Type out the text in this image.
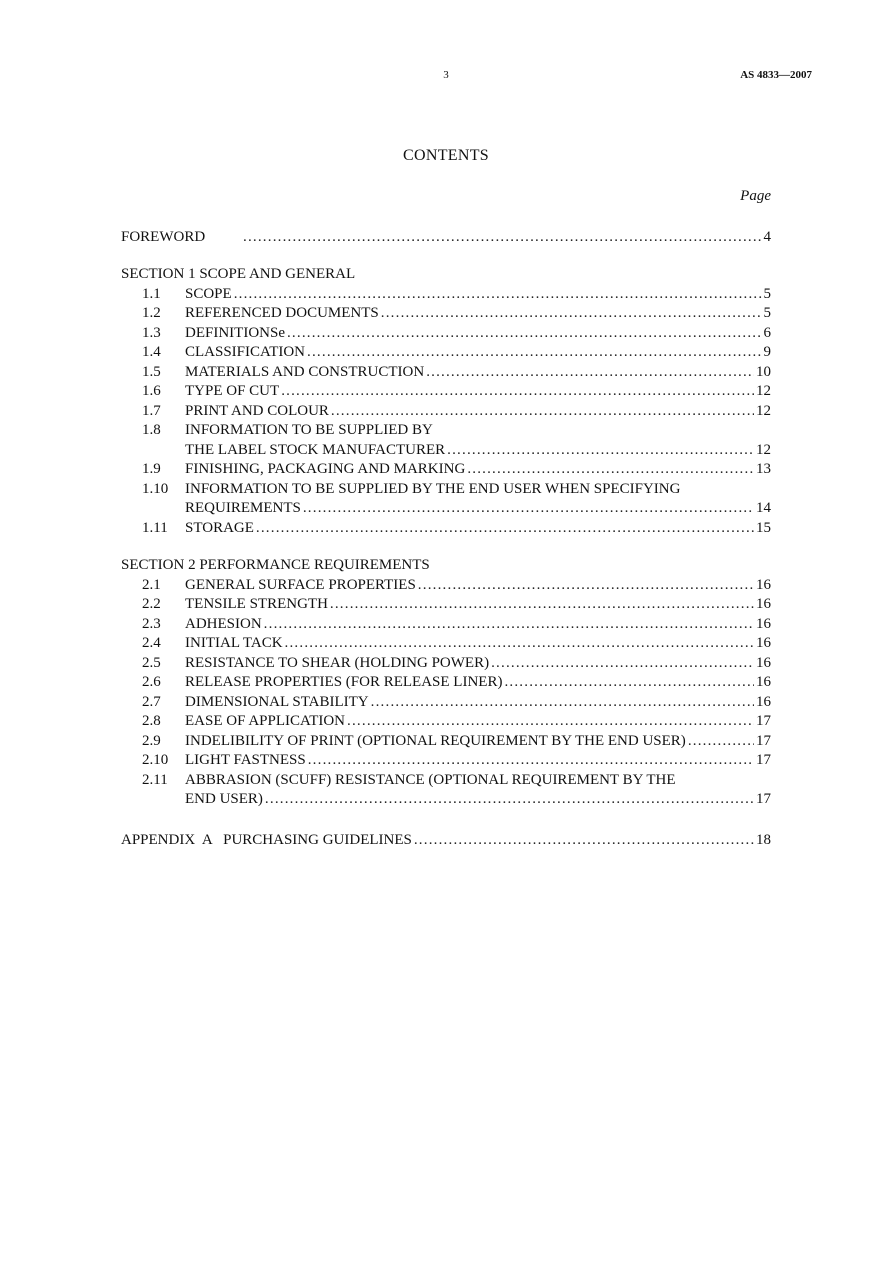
3	AS 4833—2007
CONTENTS
Page
FOREWORD .....	4
SECTION 1 SCOPE AND GENERAL
1.1	SCOPE .....	5
1.2	REFERENCED DOCUMENTS .....	5
1.3	DEFINITIONSe .....	6
1.4	CLASSIFICATION .....	9
1.5	MATERIALS AND CONSTRUCTION .....	10
1.6	TYPE OF CUT .....	12
1.7	PRINT AND COLOUR .....	12
1.8	INFORMATION TO BE SUPPLIED BY
THE LABEL STOCK MANUFACTURER .....	12
1.9	FINISHING, PACKAGING AND MARKING .....	13
1.10	INFORMATION TO BE SUPPLIED BY THE END USER WHEN SPECIFYING
REQUIREMENTS .....	14
1.11	STORAGE .....	15
SECTION 2 PERFORMANCE REQUIREMENTS
2.1	GENERAL SURFACE PROPERTIES .....	16
2.2	TENSILE STRENGTH .....	16
2.3	ADHESION .....	16
2.4	INITIAL TACK .....	16
2.5	RESISTANCE TO SHEAR (HOLDING POWER) .....	16
2.6	RELEASE PROPERTIES (FOR RELEASE LINER) .....	16
2.7	DIMENSIONAL STABILITY .....	16
2.8	EASE OF APPLICATION .....	17
2.9	INDELIBILITY OF PRINT (OPTIONAL REQUIREMENT BY THE END USER) .....	17
2.10	LIGHT FASTNESS .....	17
2.11	ABBRASION (SCUFF) RESISTANCE (OPTIONAL REQUIREMENT BY THE
END USER) .....	17
APPENDIX  A   PURCHASING GUIDELINES .....	18
